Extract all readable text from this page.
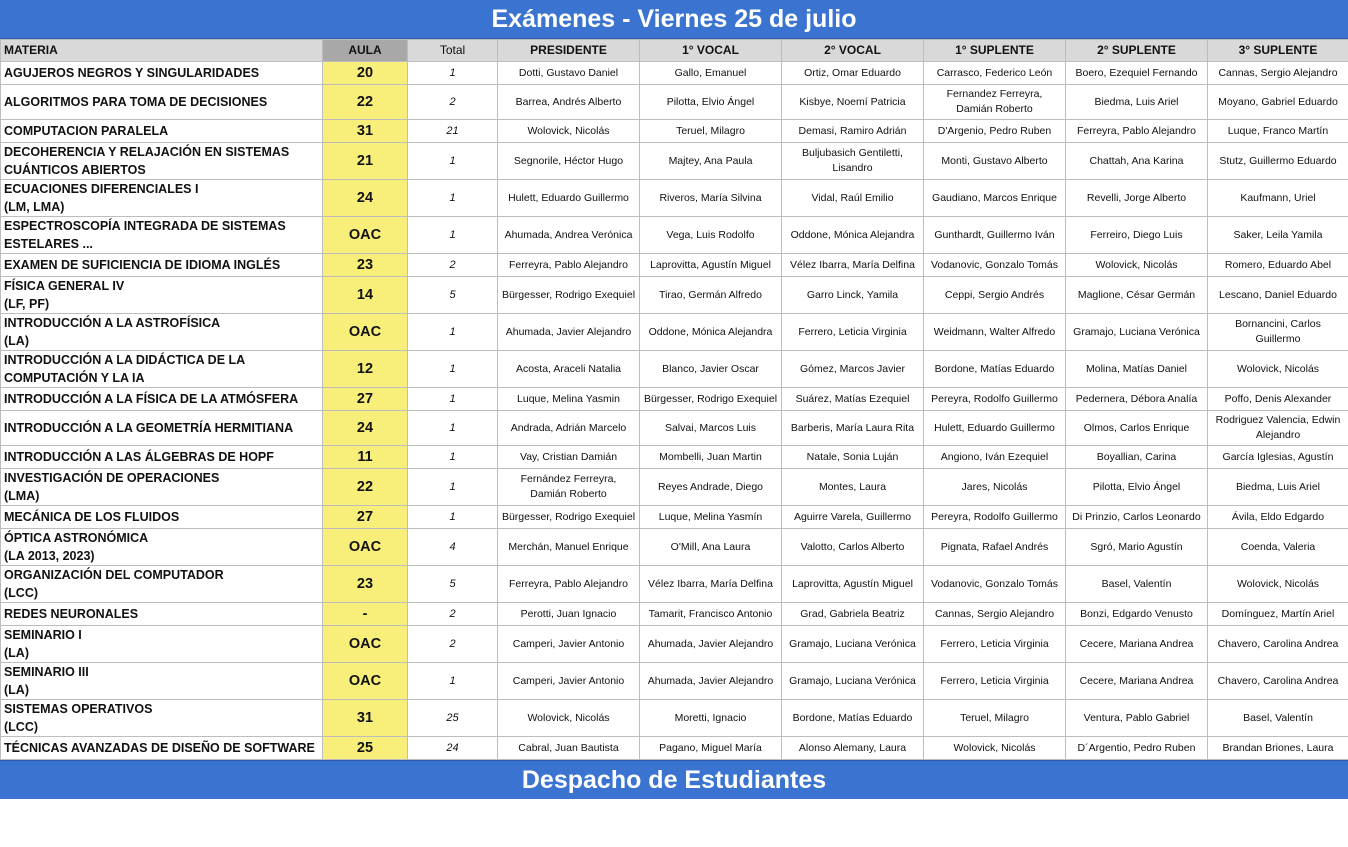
Exámenes - Viernes 25 de julio
MATERIA	AULA	Total	PRESIDENTE	1° VOCAL	2° VOCAL	1° SUPLENTE	2° SUPLENTE	3° SUPLENTE

AGUJEROS NEGROS Y SINGULARIDADES	20	1	Dotti, Gustavo Daniel	Gallo, Emanuel	Ortiz, Omar Eduardo	Carrasco, Federico León	Boero, Ezequiel Fernando	Cannas, Sergio Alejandro

ALGORITMOS PARA TOMA DE DECISIONES	22	2	Barrea, Andrés Alberto	Pilotta, Elvio Ángel	Kisbye, Noemí Patricia	Fernandez Ferreyra,
Damián Roberto	Biedma, Luis Ariel	Moyano, Gabriel Eduardo

COMPUTACION PARALELA	31	21	Wolovick, Nicolás	Teruel, Milagro	Demasi, Ramiro Adrián	D'Argenio, Pedro Ruben	Ferreyra, Pablo Alejandro	Luque, Franco Martín

DECOHERENCIA Y RELAJACIÓN EN SISTEMAS
CUÁNTICOS ABIERTOS	21	1	Segnorile, Héctor Hugo	Majtey, Ana Paula	Buljubasich Gentiletti,
Lisandro	Monti, Gustavo Alberto	Chattah, Ana Karina	Stutz, Guillermo Eduardo

ECUACIONES DIFERENCIALES I
(LM, LMA)	24	1	Hulett, Eduardo Guillermo	Riveros, María Silvina	Vidal, Raúl Emilio	Gaudiano, Marcos Enrique	Revelli, Jorge Alberto	Kaufmann, Uriel

ESPECTROSCOPÍA INTEGRADA DE SISTEMAS
ESTELARES ...	OAC	1	Ahumada, Andrea Verónica	Vega, Luis Rodolfo	Oddone, Mónica Alejandra	Gunthardt, Guillermo Iván	Ferreiro, Diego Luis	Saker, Leila Yamila

EXAMEN DE SUFICIENCIA DE IDIOMA INGLÉS	23	2	Ferreyra, Pablo Alejandro	Laprovitta, Agustín Miguel	Vélez Ibarra, María Delfina	Vodanovic, Gonzalo Tomás	Wolovick, Nicolás	Romero, Eduardo Abel

FÍSICA GENERAL IV
(LF, PF)	14	5	Bürgesser, Rodrigo Exequiel	Tirao, Germán Alfredo	Garro Linck, Yamila	Ceppi, Sergio Andrés	Maglione, César Germán	Lescano, Daniel Eduardo

INTRODUCCIÓN A LA ASTROFÍSICA
(LA)	OAC	1	Ahumada, Javier Alejandro	Oddone, Mónica Alejandra	Ferrero, Leticia Virginia	Weidmann, Walter Alfredo	Gramajo, Luciana Verónica	Bornancini, Carlos
Guillermo

INTRODUCCIÓN A LA DIDÁCTICA DE LA
COMPUTACIÓN Y LA IA	12	1	Acosta, Araceli Natalia	Blanco, Javier Oscar	Gómez, Marcos Javier	Bordone, Matías Eduardo	Molina, Matías Daniel	Wolovick, Nicolás

INTRODUCCIÓN A LA FÍSICA DE LA ATMÓSFERA	27	1	Luque, Melina Yasmin	Bürgesser, Rodrigo Exequiel	Suárez, Matías Ezequiel	Pereyra, Rodolfo Guillermo	Pedernera, Débora Analía	Poffo, Denis Alexander

INTRODUCCIÓN A LA GEOMETRÍA HERMITIANA	24	1	Andrada, Adrián Marcelo	Salvai, Marcos Luis	Barberis, María Laura Rita	Hulett, Eduardo Guillermo	Olmos, Carlos Enrique	Rodriguez Valencia, Edwin
Alejandro

INTRODUCCIÓN A LAS ÁLGEBRAS DE HOPF	11	1	Vay, Cristian Damián	Mombelli, Juan Martin	Natale, Sonia Luján	Angiono, Iván Ezequiel	Boyallian, Carina	García Iglesias, Agustín

INVESTIGACIÓN DE OPERACIONES
(LMA)	22	1	Fernández Ferreyra,
Damián Roberto	Reyes Andrade, Diego	Montes, Laura	Jares, Nicolás	Pilotta, Elvio Ángel	Biedma, Luis Ariel

MECÁNICA DE LOS FLUIDOS	27	1	Bürgesser, Rodrigo Exequiel	Luque, Melina Yasmín	Aguirre Varela, Guillermo	Pereyra, Rodolfo Guillermo	Di Prinzio, Carlos Leonardo	Ávila, Eldo Edgardo

ÓPTICA ASTRONÓMICA
(LA 2013, 2023)	OAC	4	Merchán, Manuel Enrique	O'Mill, Ana Laura	Valotto, Carlos Alberto	Pignata, Rafael Andrés	Sgró, Mario Agustín	Coenda, Valeria

ORGANIZACIÓN DEL COMPUTADOR
(LCC)	23	5	Ferreyra, Pablo Alejandro	Vélez Ibarra, María Delfina	Laprovitta, Agustín Miguel	Vodanovic, Gonzalo Tomás	Basel, Valentín	Wolovick, Nicolás

REDES NEURONALES	-	2	Perotti, Juan Ignacio	Tamarit, Francisco Antonio	Grad, Gabriela Beatriz	Cannas, Sergio Alejandro	Bonzi, Edgardo Venusto	Domínguez, Martín Ariel

SEMINARIO I
(LA)	OAC	2	Camperi, Javier Antonio	Ahumada, Javier Alejandro	Gramajo, Luciana Verónica	Ferrero, Leticia Virginia	Cecere, Mariana Andrea	Chavero, Carolina Andrea

SEMINARIO III
(LA)	OAC	1	Camperi, Javier Antonio	Ahumada, Javier Alejandro	Gramajo, Luciana Verónica	Ferrero, Leticia Virginia	Cecere, Mariana Andrea	Chavero, Carolina Andrea

SISTEMAS OPERATIVOS
(LCC)	31	25	Wolovick, Nicolás	Moretti, Ignacio	Bordone, Matías Eduardo	Teruel, Milagro	Ventura, Pablo Gabriel	Basel, Valentín

TÉCNICAS AVANZADAS DE DISEÑO DE SOFTWARE	25	24	Cabral, Juan Bautista	Pagano, Miguel María	Alonso Alemany, Laura	Wolovick, Nicolás	D´Argentio, Pedro Ruben	Brandan Briones, Laura
Despacho de Estudiantes
